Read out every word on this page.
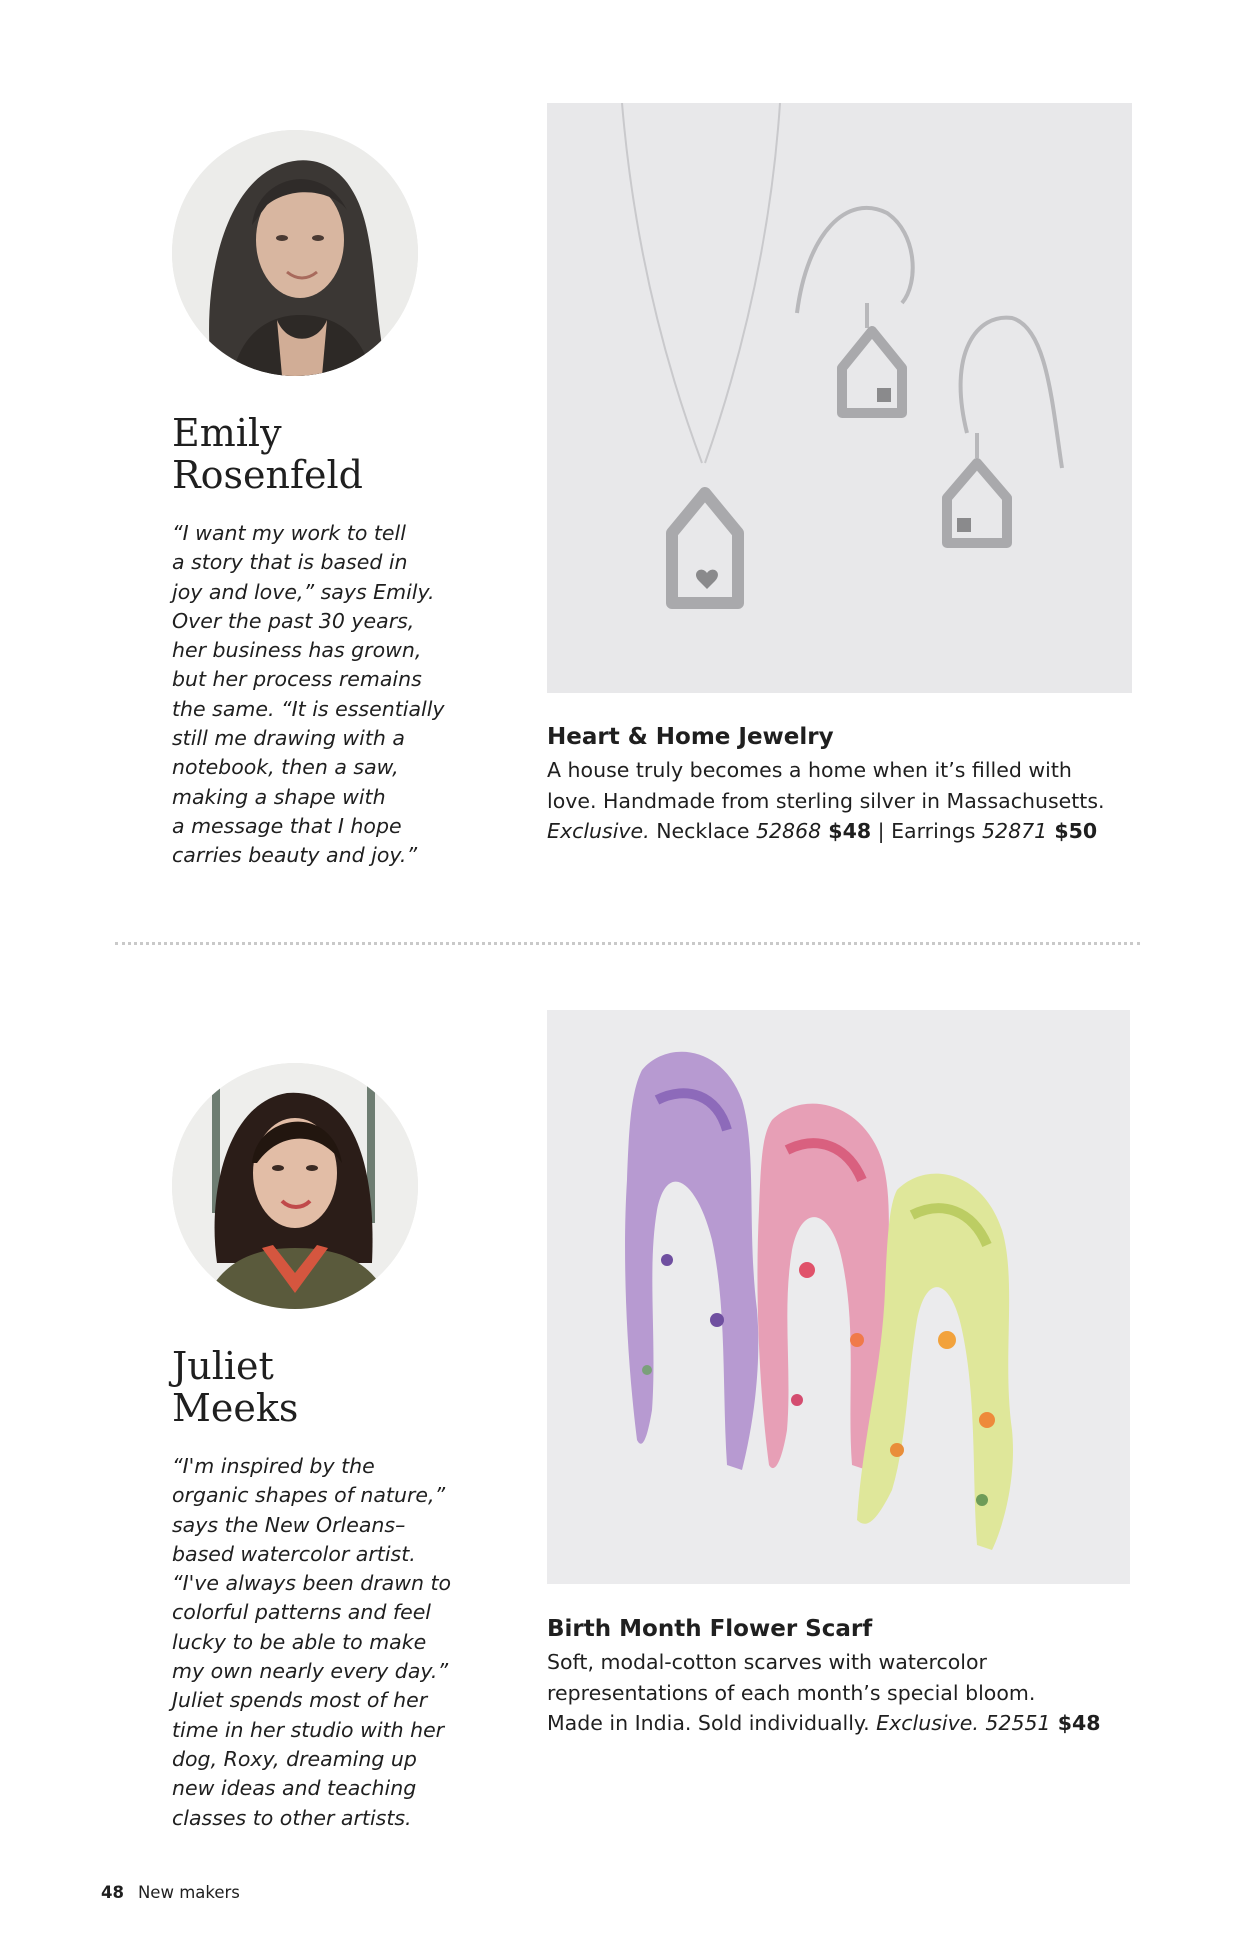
Emily
Rosenfeld

“I want my work to tell
a story that is based in
joy and love,” says Emily.
Over the past 30 years,
her business has grown,
but her process remains
the same. “It is essentially
still me drawing with a
notebook, then a saw,
making a shape with
a message that I hope
carries beauty and joy.”

Heart & Home Jewelry

A house truly becomes a home when it’s filled with
love. Handmade from sterling silver in Massachusetts.
Exclusive. Necklace 52868 $48 | Earrings 52871 $50

Juliet
Meeks

“I'm inspired by the
organic shapes of nature,”
says the New Orleans–
based watercolor artist.
“I've always been drawn to
colorful patterns and feel
lucky to be able to make
my own nearly every day.”
Juliet spends most of her
time in her studio with her
dog, Roxy, dreaming up
new ideas and teaching
classes to other artists.

Birth Month Flower Scarf

Soft, modal-cotton scarves with watercolor
representations of each month’s special bloom.
Made in India. Sold individually. Exclusive. 52551 $48

48 New makers
